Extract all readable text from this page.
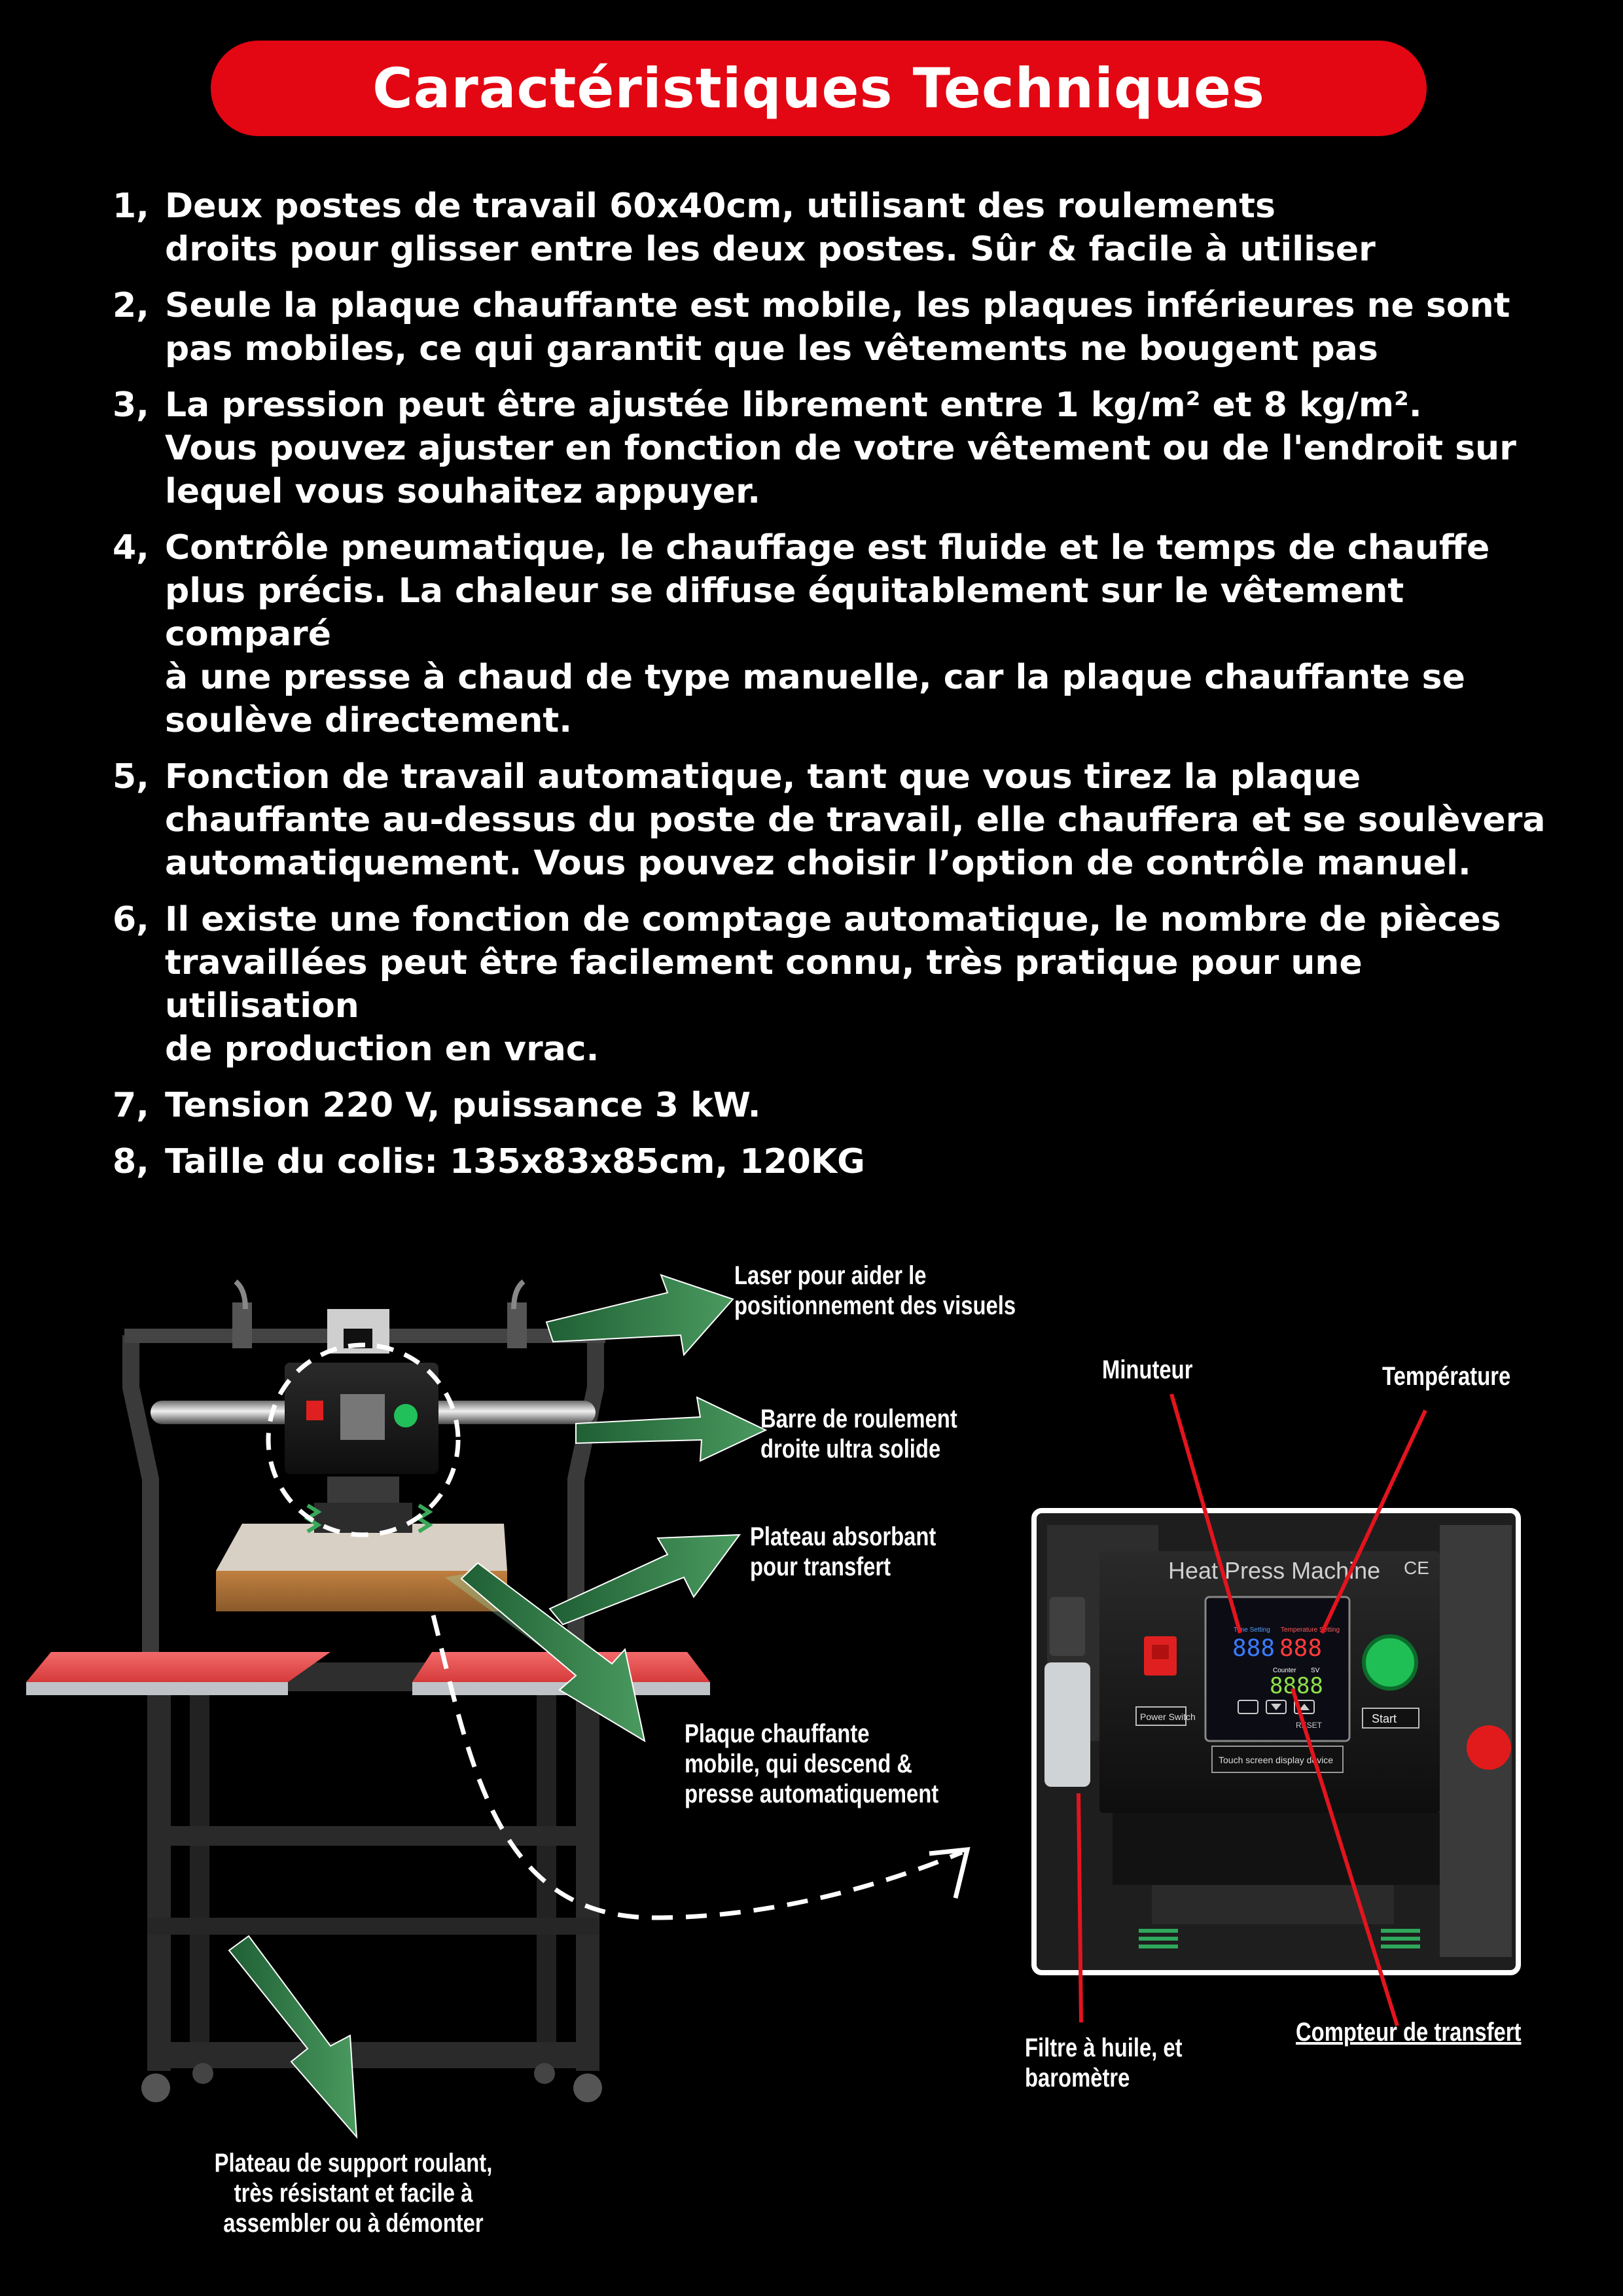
Caractéristiques Techniques
1, Deux postes de travail 60x40cm, utilisant des roulements
droits pour glisser entre les deux postes. Sûr & facile à utiliser
2, Seule la plaque chauffante est mobile, les plaques inférieures ne sont
pas mobiles, ce qui garantit que les vêtements ne bougent pas
3, La pression peut être ajustée librement entre 1 kg/m² et 8 kg/m².
Vous pouvez ajuster en fonction de votre vêtement ou de l'endroit sur
lequel vous souhaitez appuyer.
4, Contrôle pneumatique, le chauffage est fluide et le temps de chauffe
plus précis. La chaleur se diffuse équitablement sur le vêtement comparé
à une presse à chaud de type manuelle, car la plaque chauffante se
soulève directement.
5, Fonction de travail automatique, tant que vous tirez la plaque
chauffante au-dessus du poste de travail, elle chauffera et se soulèvera
automatiquement. Vous pouvez choisir l’option de contrôle manuel.
6, Il existe une fonction de comptage automatique, le nombre de pièces
travaillées peut être facilement connu, très pratique pour une utilisation
de production en vrac.
7, Tension 220 V, puissance 3 kW.
8, Taille du colis: 135x83x85cm, 120KG
Heat Press Machine CE
Power Switch
Time Setting Temperature Setting
888 888
Counter SV
8888
RESET
Touch screen display device
Start
Laser pour aider le
positionnement des visuels
Barre de roulement
droite ultra solide
Plateau absorbant
pour transfert
Plaque chauffante
mobile, qui descend &
presse automatiquement
Minuteur	Température
Filtre à huile, et
baromètre
Compteur de transfert
Plateau de support roulant,
très résistant et facile à
assembler ou à démonter
